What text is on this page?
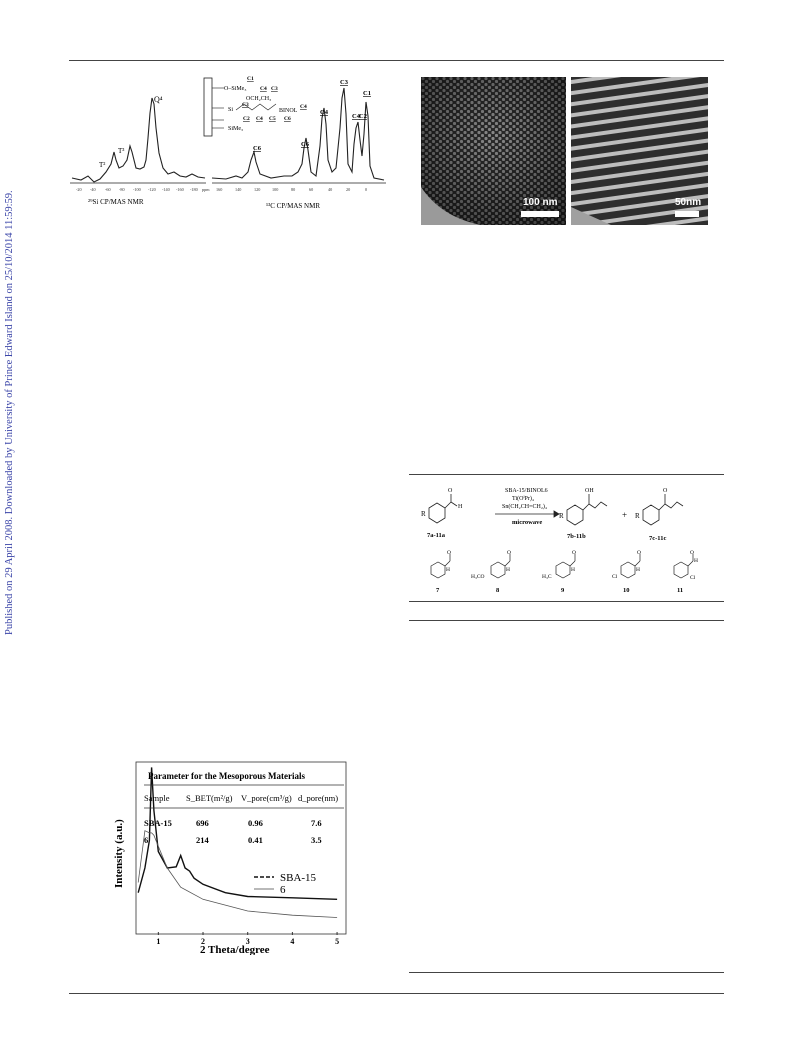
Published on 29 April 2008. Downloaded by University of Prince Edward Island on 25/10/2014 11:59:59.
T²
T³
Q⁴
-20 -40 -60 -80 -100 -120 -140 -160 -180 ppm
²⁹Si CP/MAS NMR
160	140	120	100	80	60	40	20	0
¹³C CP/MAS NMR
C6
C6
C4
C3
C4 C2
C1
O–SiMe₃
OCH₂CH₃
Si	BINOL
SiMe₃
C1
C4 C3
C3
C2 C4 C5 C6
C4
100 nm	50nm
R
O
H
7a-11a
SBA-15/BINOL6
Ti(OⁱPr)₄
Sn(CH₂CH=CH₂)₄
microwave
OH
R
7b-11b
+
O
R
7c-11c
H	H	H	H
H
O	O	O	O	O
H₃CO	H₃C	Cl	Cl
7	8	9	10	11
Intensity (a.u.)
2 Theta/degree
1	2	3	4	5
Parameter for the Mesoporous Materials
Sample S_BET(m²/g) V_pore(cm³/g) d_pore(nm)
SBA-15	696	0.96	7.6
6	214	0.41	3.5
SBA-15
6
